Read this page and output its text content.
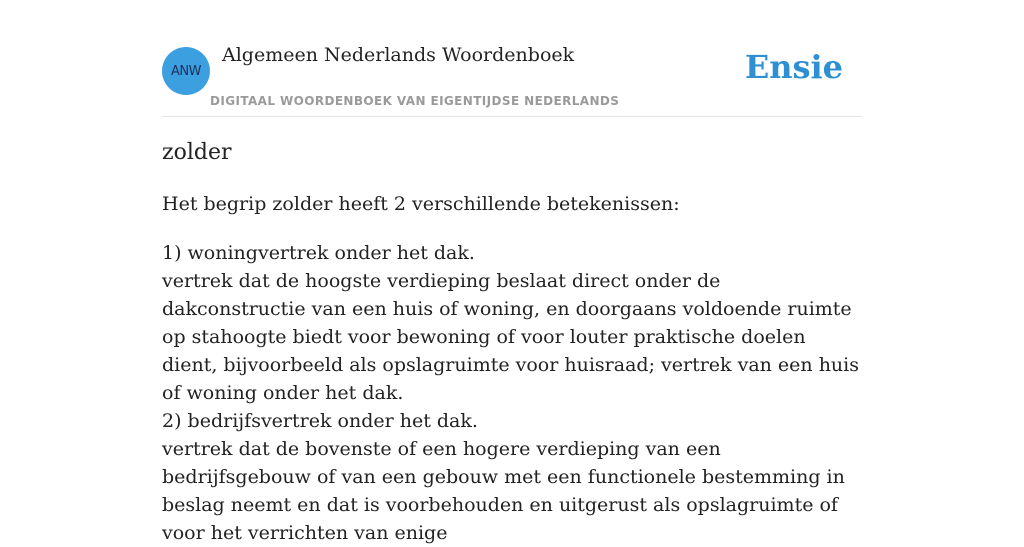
ANW
Algemeen Nederlands Woordenboek
DIGITAAL WOORDENBOEK VAN EIGENTIJDSE NEDERLANDS
Ensie
zolder
Het begrip zolder heeft 2 verschillende betekenissen:
1) woningvertrek onder het dak.
vertrek dat de hoogste verdieping beslaat direct onder de dakconstructie van een huis of woning, en doorgaans voldoende ruimte op stahoogte biedt voor bewoning of voor louter praktische doelen dient, bijvoorbeeld als opslagruimte voor huisraad; vertrek van een huis of woning onder het dak.
2) bedrijfsvertrek onder het dak.
vertrek dat de bovenste of een hogere verdieping van een bedrijfsgebouw of van een gebouw met een functionele bestemming in beslag neemt en dat is voorbehouden en uitgerust als opslagruimte of voor het verrichten van enige
